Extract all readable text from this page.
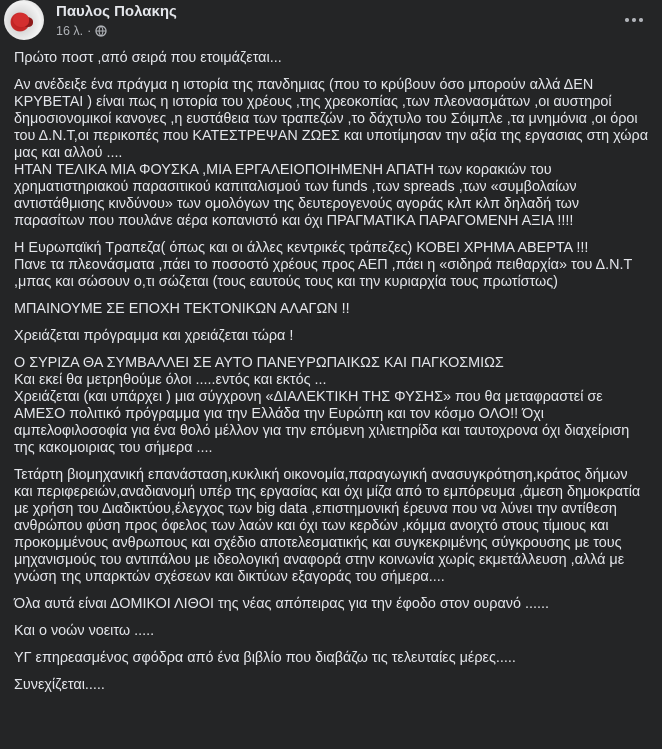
Παυλος Πολακης
16 λ. ·

Πρώτο ποστ ,από σειρά που ετοιμάζεται...

Αν ανέδειξε ένα πράγμα η ιστορία της πανδημιας (που το κρύβουν όσο μπορούν αλλά ΔΕΝ ΚΡΥΒΕΤΑΙ ) είναι πως η ιστορία του χρέους ,της χρεοκοπίας ,των πλεονασμάτων ,οι αυστηροί δημοσιονομικοί κανονες ,η ευστάθεια των τραπεζών ,το δάχτυλο του Σόιμπλε ,τα μνημόνια ,οι όροι του Δ.Ν.Τ,οι περικοπές που ΚΑΤΕΣΤΡΕΨΑΝ ΖΩΕΣ και υποτίμησαν την αξία της εργασιας στη χώρα μας και αλλού ....
ΗΤΑΝ ΤΕΛΙΚΑ ΜΙΑ ΦΟΥΣΚΑ ,ΜΙΑ ΕΡΓΑΛΕΙΟΠΟΙΗΜΕΝΗ ΑΠΑΤΗ των κορακιών του χρηματιστηριακού παρασιτικού καπιταλισμού των funds ,των spreads ,των «συμβολαίων αντιστάθμισης κινδύνου» των ομολόγων της δευτερογενούς αγοράς κλπ κλπ δηλαδή των παρασίτων που πουλάνε αέρα κοπανιστό και όχι ΠΡΑΓΜΑΤΙΚΑ ΠΑΡΑΓΟΜΕΝΗ ΑΞΙΑ !!!!

Η Ευρωπαϊκή Τραπεζα( όπως και οι άλλες κεντρικές τράπεζες) ΚΟΒΕΙ ΧΡΗΜΑ ΑΒΕΡΤΑ !!!
Πανε τα πλεονάσματα ,πάει το ποσοστό χρέους προς ΑΕΠ ,πάει η «σιδηρά πειθαρχία» του Δ.Ν.Τ ,μπας και σώσουν ο,τι σώζεται (τους εαυτούς τους και την κυριαρχία τους πρωτίστως)

ΜΠΑΙΝΟΥΜΕ ΣΕ ΕΠΟΧΗ ΤΕΚΤΟΝΙΚΩΝ ΑΛΑΓΩΝ !!

Χρειάζεται πρόγραμμα και χρειάζεται τώρα !

Ο ΣΥΡΙΖΑ ΘΑ ΣΥΜΒΑΛΛΕΙ ΣΕ ΑΥΤΟ ΠΑΝΕΥΡΩΠΑΙΚΩΣ ΚΑΙ ΠΑΓΚΟΣΜΙΩΣ
Και εκεί θα μετρηθούμε όλοι .....εντός και εκτός ...
Χρειάζεται (και υπάρχει ) μια σύγχρονη «ΔΙΑΛΕΚΤΙΚΗ ΤΗΣ ΦΥΣΗΣ» που θα μεταφραστεί σε ΑΜΕΣΟ πολιτικό πρόγραμμα για την Ελλάδα την Ευρώπη και τον κόσμο ΟΛΟ!! Όχι αμπελοφιλοσοφία για ένα θολό μέλλον για την επόμενη χιλιετηρίδα και ταυτοχρονα όχι διαχείριση της κακομοιριας του σήμερα ....

Τετάρτη βιομηχανική επανάσταση,κυκλική οικονομία,παραγωγική ανασυγκρότηση,κράτος δήμων και περιφερειών,αναδιανομή υπέρ της εργασίας και όχι μίζα από το εμπόρευμα ,άμεση δημοκρατία με χρήση του Διαδικτύου,έλεγχος των big data ,επιστημονική έρευνα που να λύνει την αντίθεση ανθρώπου φύση προς όφελος των λαών και όχι των κερδών ,κόμμα ανοιχτό στους τίμιους και προκομμένους ανθρωπους και σχέδιο αποτελεσματικής και συγκεκριμένης σύγκρουσης με τους μηχανισμούς του αντιπάλου με ιδεολογική αναφορά στην κοινωνία χωρίς εκμετάλλευση ,αλλά με γνώση της υπαρκτών σχέσεων και δικτύων εξαγοράς του σήμερα....

Όλα αυτά είναι ΔΟΜΙΚΟΙ ΛΙΘΟΙ της νέας απόπειρας για την έφοδο στον ουρανό ......

Και ο νοών νοειτω .....

ΥΓ επηρεασμένος σφόδρα από ένα βιβλίο που διαβάζω τις τελευταίες μέρες.....

Συνεχίζεται.....
